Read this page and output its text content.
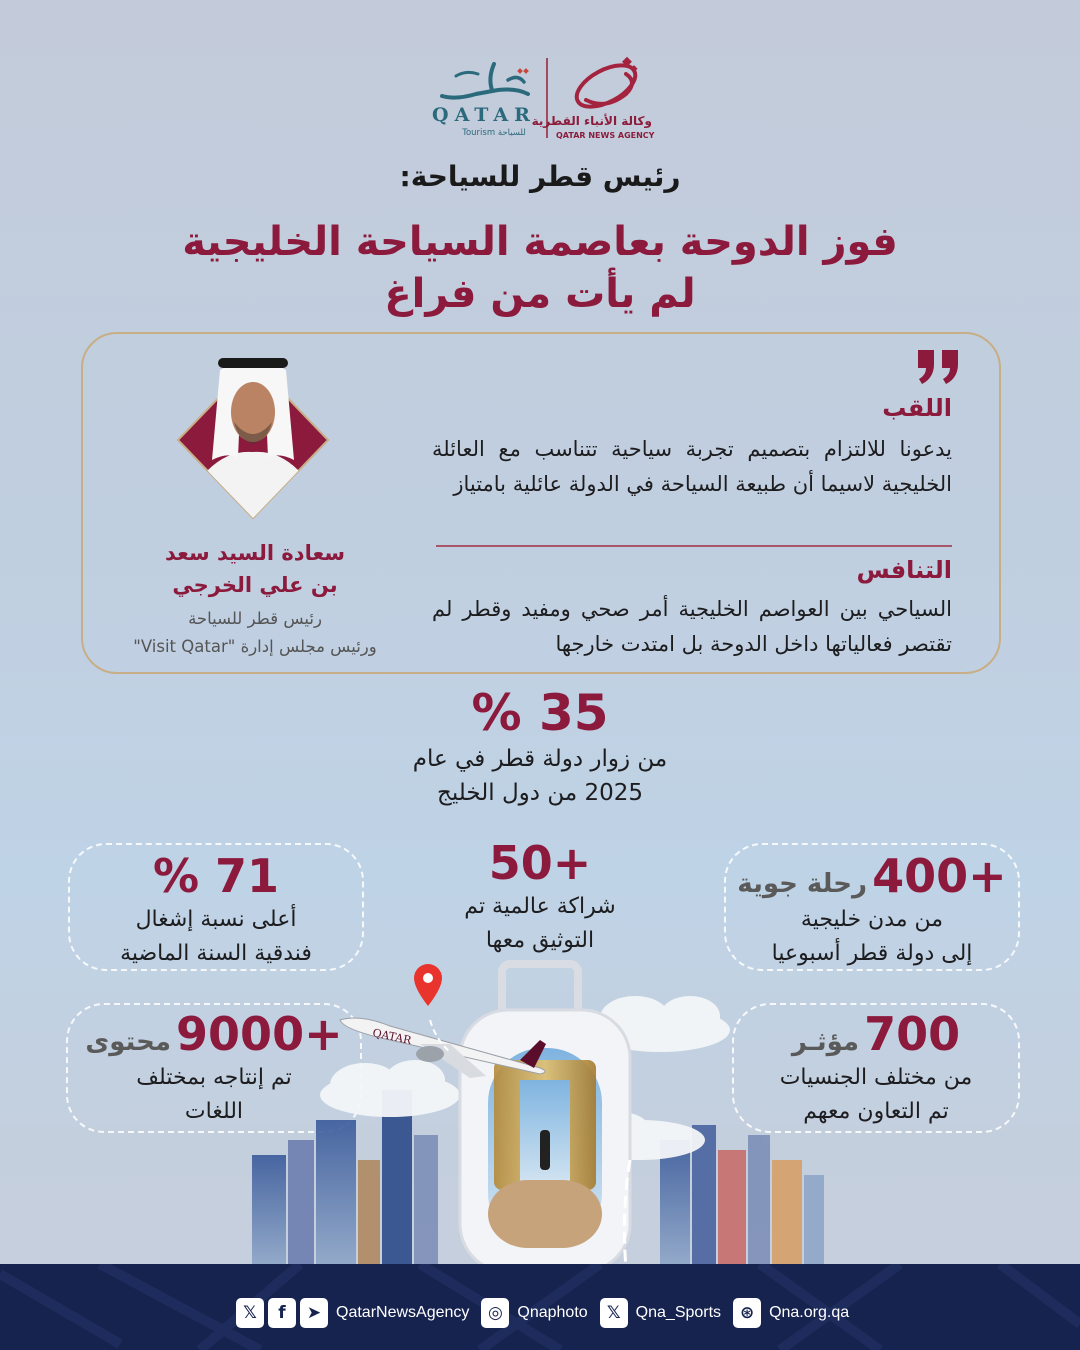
QATAR
Tourism للسياحة
وكالة الأنباء القطرية
QATAR NEWS AGENCY
رئيس قطر للسياحة:
فوز الدوحة بعاصمة السياحة الخليجية
لم يأت من فراغ
اللقب
يدعونا للالتزام بتصميم تجربة سياحية تتناسب مع العائلة الخليجية لاسيما أن طبيعة السياحة في الدولة عائلية بامتياز
التنافس
السياحي بين العواصم الخليجية أمر صحي ومفيد وقطر لم تقتصر فعالياتها داخل الدوحة بل امتدت خارجها
سعادة السيد سعد
بن علي الخرجي
رئيس قطر للسياحة
ورئيس مجلس إدارة "Visit Qatar"
35 %
من زوار دولة قطر في عام
2025 من دول الخليج
+400 رحلة جوية
من مدن خليجية
إلى دولة قطر أسبوعيا
+50
شراكة عالمية تم
التوثيق معها
71 %
أعلى نسبة إشغال
فندقية السنة الماضية
700 مؤثـر
من مختلف الجنسيات
تم التعاون معهم
+9000 محتوى
تم إنتاجه بمختلف
اللغات
QATAR
𝕏	f	➤ QatarNewsAgency	◎ Qnaphoto	𝕏 Qna_Sports	⊛ Qna.org.qa
